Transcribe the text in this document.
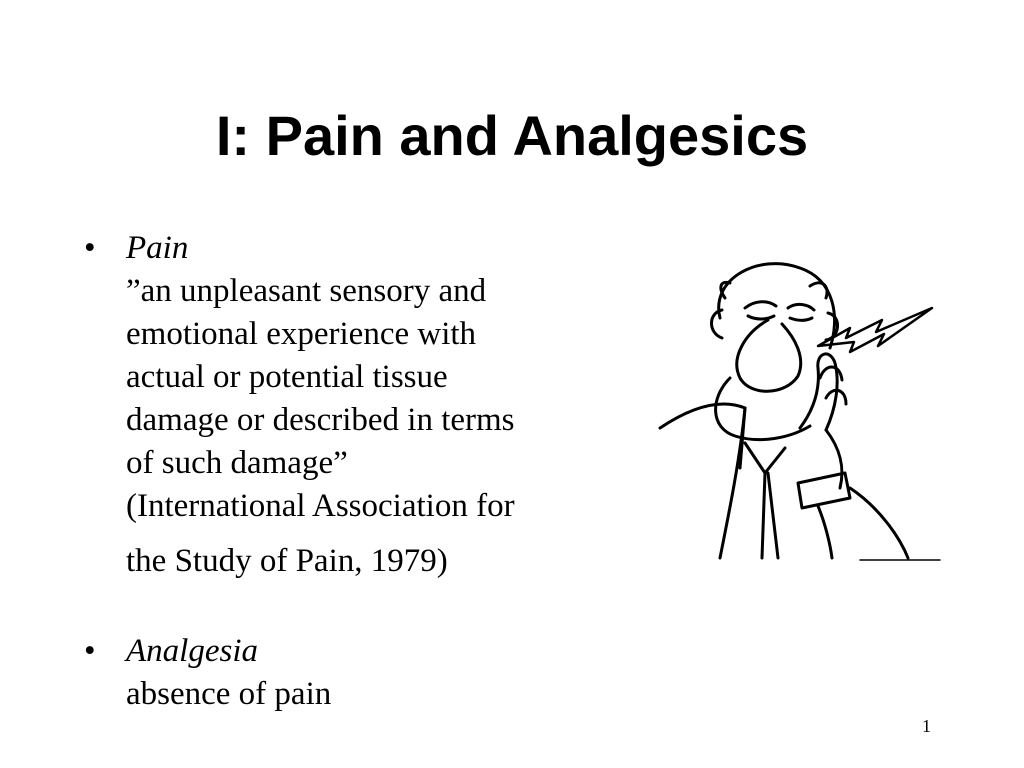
I: Pain and Analgesics
• Pain
”an unpleasant sensory and
emotional experience with
actual or potential tissue
damage or described in terms
of such damage”
(International Association for
the Study of Pain, 1979)
• Analgesia
absence of pain
1
